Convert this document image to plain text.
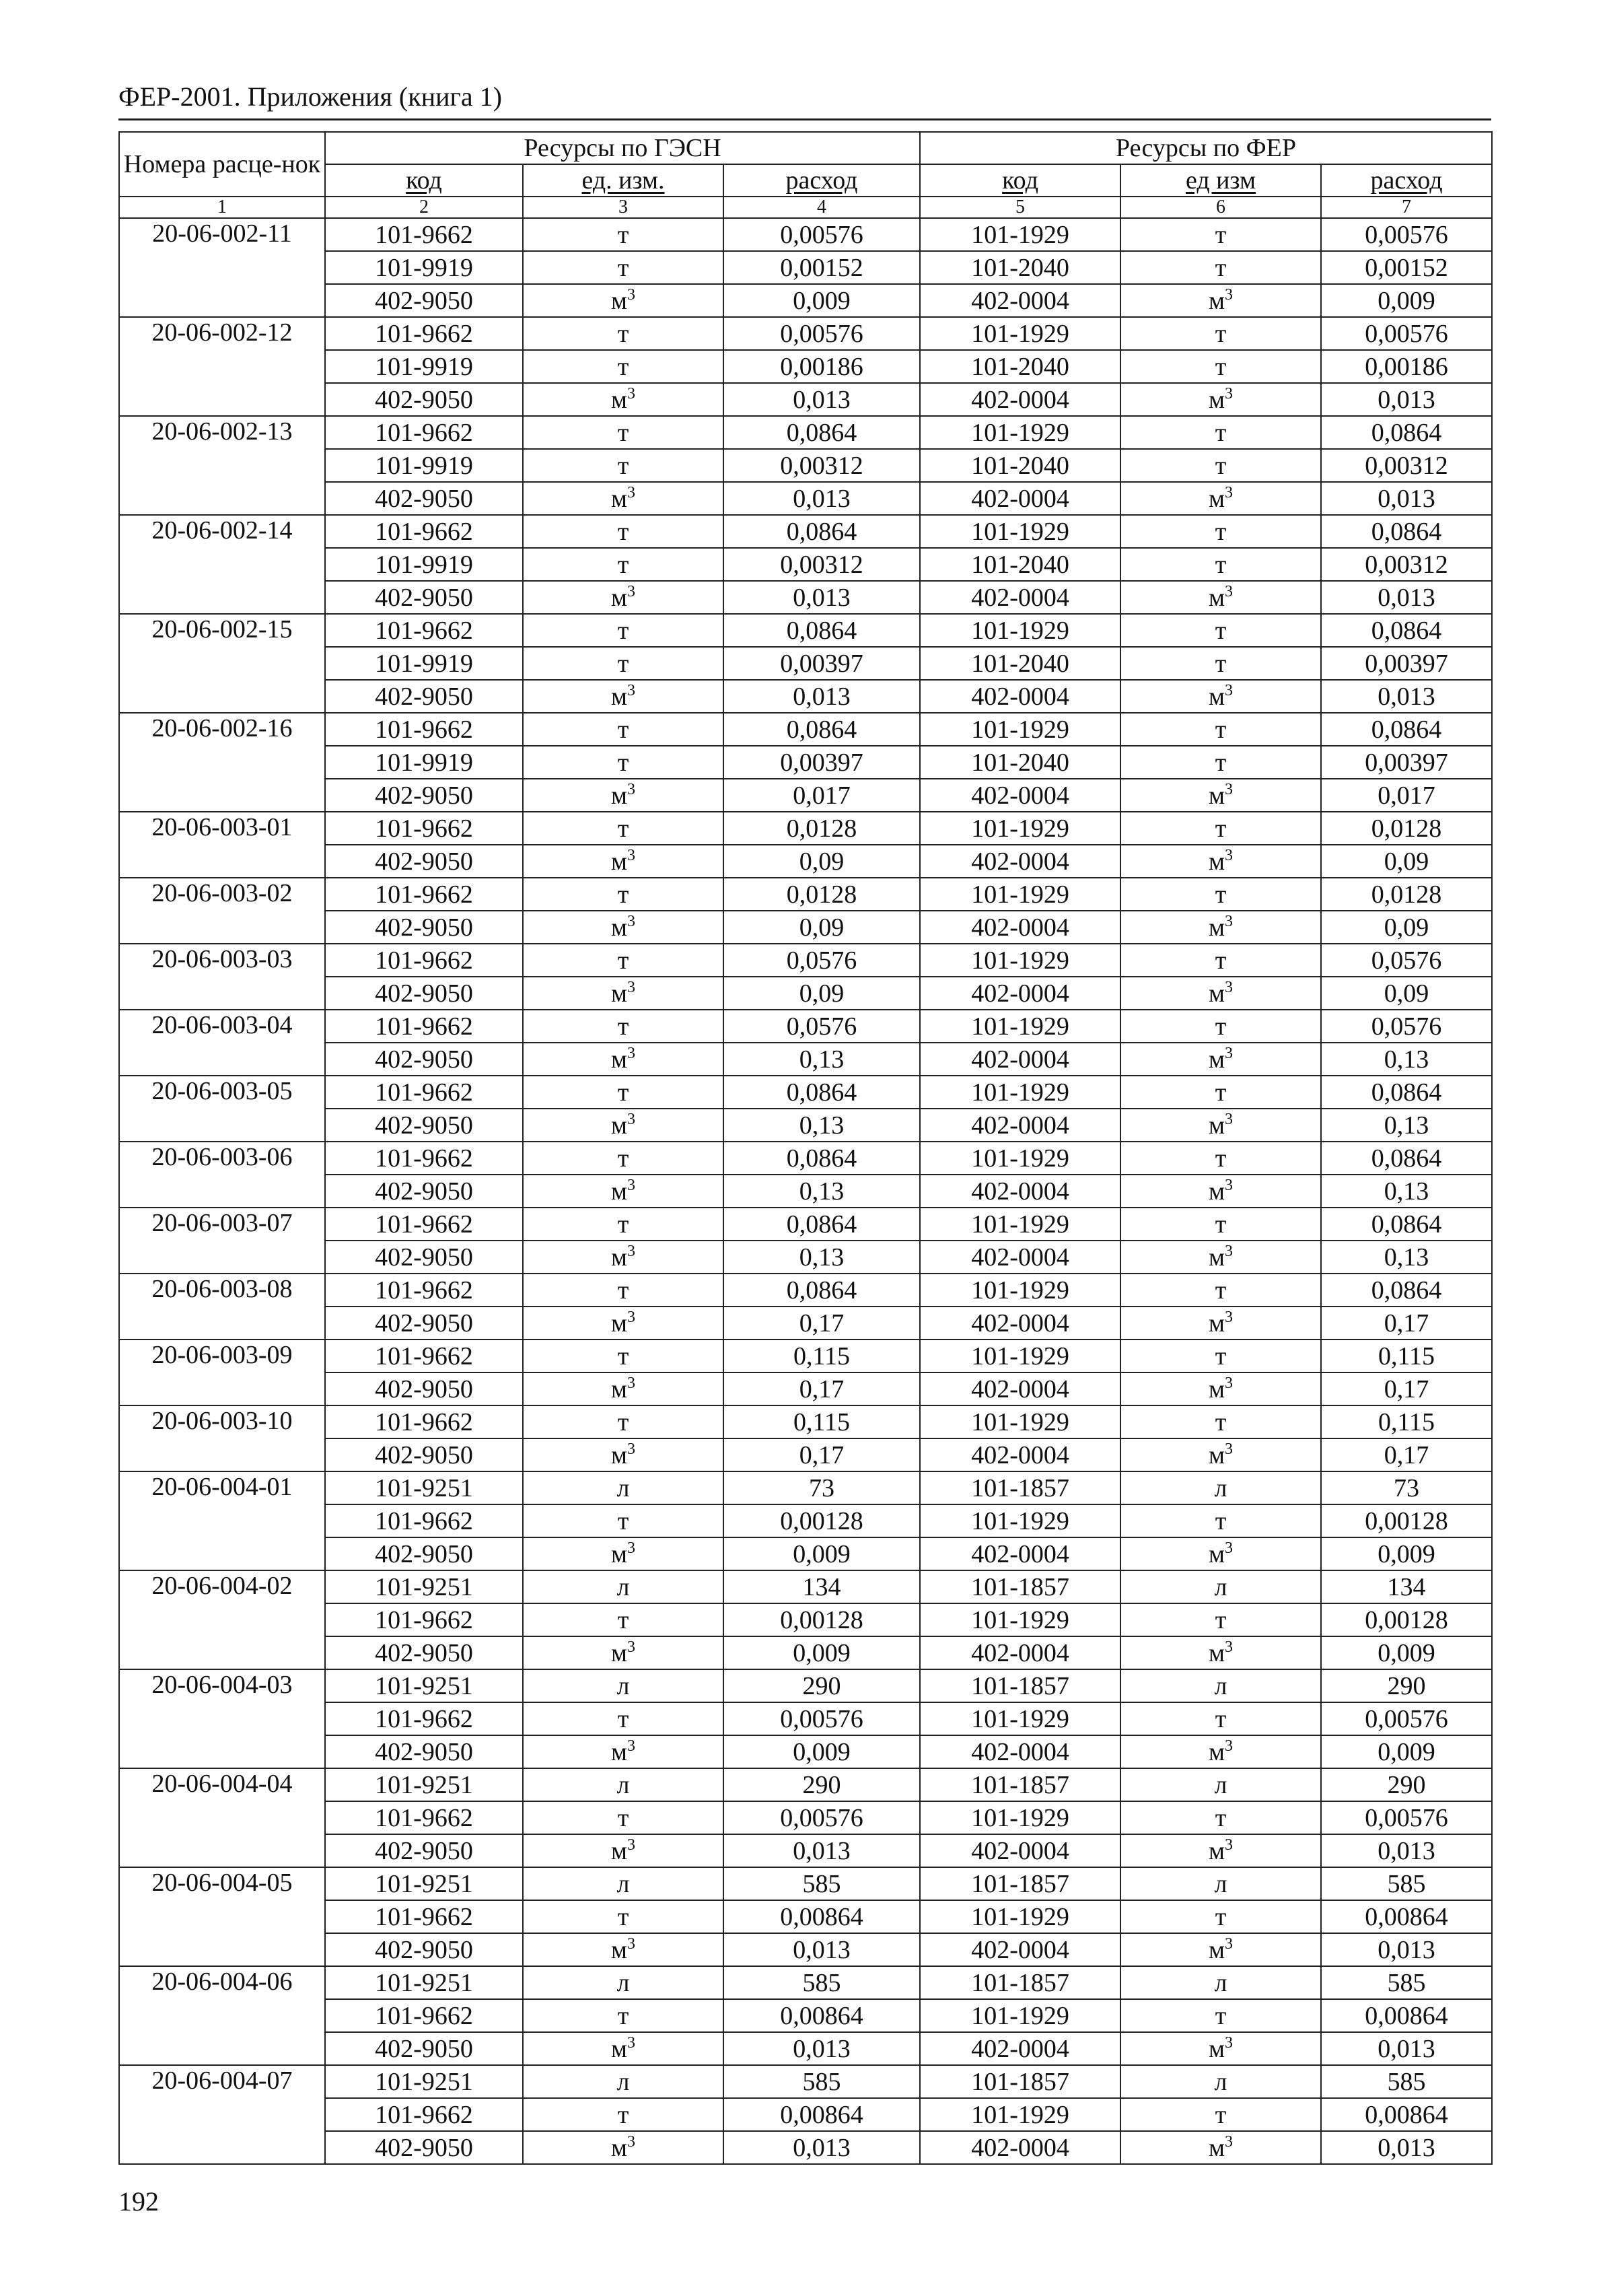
ФЕР-2001. Приложения (книга 1)
Номера расце-нок	Ресурсы по ГЭСН			Ресурсы по ФЕР		
	код	ед. изм.	расход	код	ед изм	расход
1	2	3	4	5	6	7
20-06-002-11	101-9662	т	0,00576	101-1929	т	0,00576
	101-9919	т	0,00152	101-2040	т	0,00152
	402-9050	$м^3$	0,009	402-0004	$м^3$	0,009
20-06-002-12	101-9662	т	0,00576	101-1929	т	0,00576
	101-9919	т	0,00186	101-2040	т	0,00186
	402-9050	$м^3$	0,013	402-0004	$м^3$	0,013
20-06-002-13	101-9662	т	0,0864	101-1929	т	0,0864
	101-9919	т	0,00312	101-2040	т	0,00312
	402-9050	$м^3$	0,013	402-0004	$м^3$	0,013
20-06-002-14	101-9662	т	0,0864	101-1929	т	0,0864
	101-9919	т	0,00312	101-2040	т	0,00312
	402-9050	$м^3$	0,013	402-0004	$м^3$	0,013
20-06-002-15	101-9662	т	0,0864	101-1929	т	0,0864
	101-9919	т	0,00397	101-2040	т	0,00397
	402-9050	$м^3$	0,013	402-0004	$м^3$	0,013
20-06-002-16	101-9662	т	0,0864	101-1929	т	0,0864
	101-9919	т	0,00397	101-2040	т	0,00397
	402-9050	$м^3$	0,017	402-0004	$м^3$	0,017
20-06-003-01	101-9662	т	0,0128	101-1929	т	0,0128
	402-9050	$м^3$	0,09	402-0004	$м^3$	0,09
20-06-003-02	101-9662	т	0,0128	101-1929	т	0,0128
	402-9050	$м^3$	0,09	402-0004	$м^3$	0,09
20-06-003-03	101-9662	т	0,0576	101-1929	т	0,0576
	402-9050	$м^3$	0,09	402-0004	$м^3$	0,09
20-06-003-04	101-9662	т	0,0576	101-1929	т	0,0576
	402-9050	$м^3$	0,13	402-0004	$м^3$	0,13
20-06-003-05	101-9662	т	0,0864	101-1929	т	0,0864
	402-9050	$м^3$	0,13	402-0004	$м^3$	0,13
20-06-003-06	101-9662	т	0,0864	101-1929	т	0,0864
	402-9050	$м^3$	0,13	402-0004	$м^3$	0,13
20-06-003-07	101-9662	т	0,0864	101-1929	т	0,0864
	402-9050	$м^3$	0,13	402-0004	$м^3$	0,13
20-06-003-08	101-9662	т	0,0864	101-1929	т	0,0864
	402-9050	$м^3$	0,17	402-0004	$м^3$	0,17
20-06-003-09	101-9662	т	0,115	101-1929	т	0,115
	402-9050	$м^3$	0,17	402-0004	$м^3$	0,17
20-06-003-10	101-9662	т	0,115	101-1929	т	0,115
	402-9050	$м^3$	0,17	402-0004	$м^3$	0,17
20-06-004-01	101-9251	л	73	101-1857	л	73
	101-9662	т	0,00128	101-1929	т	0,00128
	402-9050	$м^3$	0,009	402-0004	$м^3$	0,009
20-06-004-02	101-9251	л	134	101-1857	л	134
	101-9662	т	0,00128	101-1929	т	0,00128
	402-9050	$м^3$	0,009	402-0004	$м^3$	0,009
20-06-004-03	101-9251	л	290	101-1857	л	290
	101-9662	т	0,00576	101-1929	т	0,00576
	402-9050	$м^3$	0,009	402-0004	$м^3$	0,009
20-06-004-04	101-9251	л	290	101-1857	л	290
	101-9662	т	0,00576	101-1929	т	0,00576
	402-9050	$м^3$	0,013	402-0004	$м^3$	0,013
20-06-004-05	101-9251	л	585	101-1857	л	585
	101-9662	т	0,00864	101-1929	т	0,00864
	402-9050	$м^3$	0,013	402-0004	$м^3$	0,013
20-06-004-06	101-9251	л	585	101-1857	л	585
	101-9662	т	0,00864	101-1929	т	0,00864
	402-9050	$м^3$	0,013	402-0004	$м^3$	0,013
20-06-004-07	101-9251	л	585	101-1857	л	585
	101-9662	т	0,00864	101-1929	т	0,00864
	402-9050	$м^3$	0,013	402-0004	$м^3$	0,013
192
